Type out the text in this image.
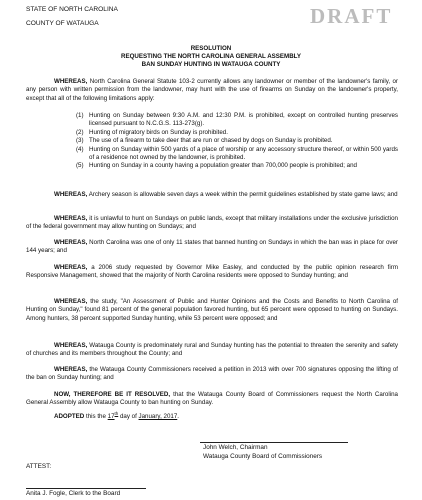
STATE OF NORTH CAROLINA
COUNTY OF WATAUGA	DRAFT
RESOLUTION
REQUESTING THE NORTH CAROLINA GENERAL ASSEMBLY
BAN SUNDAY HUNTING IN WATAUGA COUNTY

WHEREAS, North Carolina General Statute 103-2 currently allows any landowner or member of the landowner's family, or any person with written permission from the landowner, may hunt with the use of firearms on Sunday on the landowner's property, except that all of the following limitations apply:

(1) Hunting on Sunday between 9:30 A.M. and 12:30 P.M. is prohibited, except on controlled hunting preserves licensed pursuant to N.C.G.S. 113-273(g).
(2) Hunting of migratory birds on Sunday is prohibited.
(3) The use of a firearm to take deer that are run or chased by dogs on Sunday is prohibited.
(4) Hunting on Sunday within 500 yards of a place of worship or any accessory structure thereof, or within 500 yards of a residence not owned by the landowner, is prohibited.
(5) Hunting on Sunday in a county having a population greater than 700,000 people is prohibited; and

WHEREAS, Archery season is allowable seven days a week within the permit guidelines established by state game laws; and

WHEREAS, it is unlawful to hunt on Sundays on public lands, except that military installations under the exclusive jurisdiction of the federal government may allow hunting on Sundays; and

WHEREAS, North Carolina was one of only 11 states that banned hunting on Sundays in which the ban was in place for over 144 years; and

WHEREAS, a 2006 study requested by Governor Mike Easley, and conducted by the public opinion research firm Responsive Management, showed that the majority of North Carolina residents were opposed to Sunday hunting; and

WHEREAS, the study, "An Assessment of Public and Hunter Opinions and the Costs and Benefits to North Carolina of Hunting on Sunday," found 81 percent of the general population favored hunting, but 65 percent were opposed to hunting on Sundays. Among hunters, 38 percent supported Sunday hunting, while 53 percent were opposed; and

WHEREAS, Watauga County is predominately rural and Sunday hunting has the potential to threaten the serenity and safety of churches and its members throughout the County; and

WHEREAS, the Watauga County Commissioners received a petition in 2013 with over 700 signatures opposing the lifting of the ban on Sunday hunting; and

NOW, THEREFORE BE IT RESOLVED, that the Watauga County Board of Commissioners request the North Carolina General Assembly allow Watauga County to ban hunting on Sunday.

ADOPTED this the 17th day of January, 2017.

John Welch, Chairman
Watauga County Board of Commissioners
ATTEST:
Anita J. Fogle, Clerk to the Board
